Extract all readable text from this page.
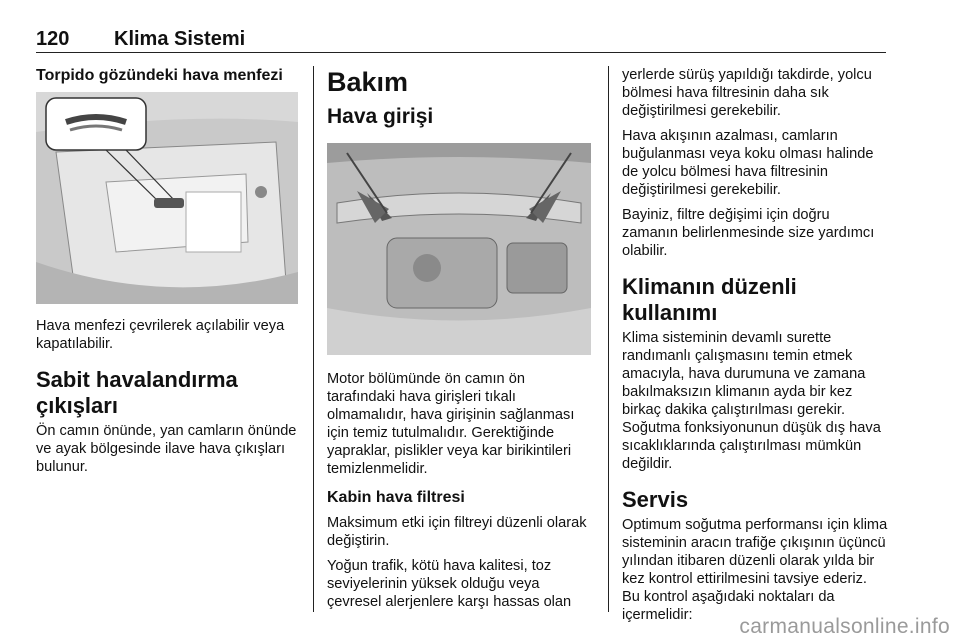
120 Klima Sistemi
Torpido gözündeki hava menfezi

Hava menfezi çevrilerek açılabilir veya kapatılabilir.

Sabit havalandırma çıkışları

Ön camın önünde, yan camların önünde ve ayak bölgesinde ilave hava çıkışları bulunur.

Bakım
Hava girişi

Motor bölümünde ön camın ön tarafındaki hava girişleri tıkalı olmamalıdır, hava girişinin sağlanması için temiz tutulmalıdır. Gerektiğinde yapraklar, pislikler veya kar birikintileri temizlenmelidir.

Kabin hava filtresi

Maksimum etki için filtreyi düzenli olarak değiştirin.

Yoğun trafik, kötü hava kalitesi, toz seviyelerinin yüksek olduğu veya çevresel alerjenlere karşı hassas olan

yerlerde sürüş yapıldığı takdirde, yolcu bölmesi hava filtresinin daha sık değiştirilmesi gerekebilir.

Hava akışının azalması, camların buğulanması veya koku olması halinde de yolcu bölmesi hava filtresinin değiştirilmesi gerekebilir.

Bayiniz, filtre değişimi için doğru zamanın belirlenmesinde size yardımcı olabilir.

Klimanın düzenli kullanımı

Klima sisteminin devamlı surette randımanlı çalışmasını temin etmek amacıyla, hava durumuna ve zamana bakılmaksızın klimanın ayda bir kez birkaç dakika çalıştırılması gerekir. Soğutma fonksiyonunun düşük dış hava sıcaklıklarında çalıştırılması mümkün değildir.

Servis

Optimum soğutma performansı için klima sisteminin aracın trafiğe çıkışının üçüncü yılından itibaren düzenli olarak yılda bir kez kontrol ettirilmesini tavsiye ederiz. Bu kontrol aşağıdaki noktaları da içermelidir:	carmanualsonline.info
